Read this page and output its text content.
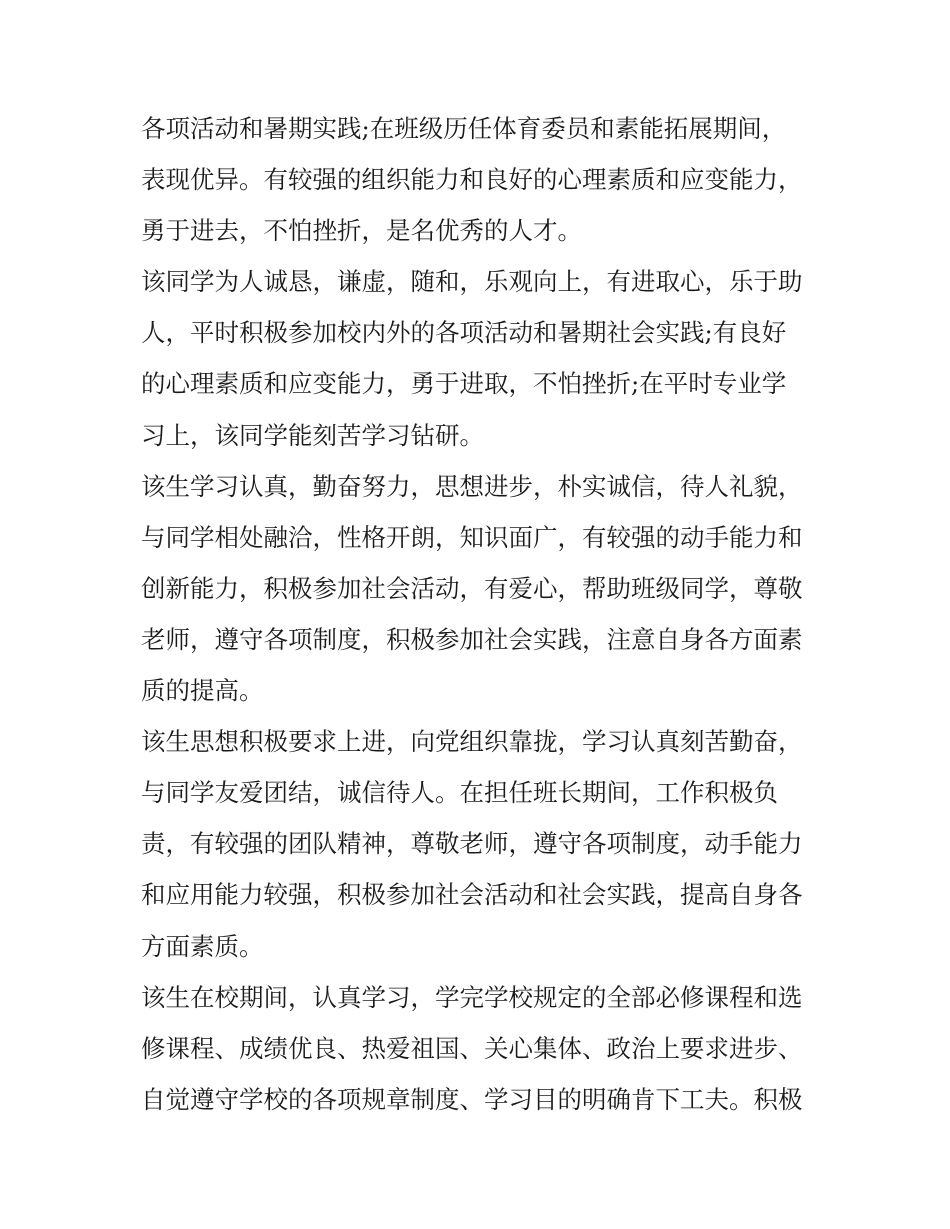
各项活动和暑期实践;在班级历任体育委员和素能拓展期间，
表现优异。有较强的组织能力和良好的心理素质和应变能力，
勇于进去，不怕挫折，是名优秀的人才。
该同学为人诚恳，谦虚，随和，乐观向上，有进取心，乐于助
人，平时积极参加校内外的各项活动和暑期社会实践;有良好
的心理素质和应变能力，勇于进取，不怕挫折;在平时专业学
习上，该同学能刻苦学习钻研。
该生学习认真，勤奋努力，思想进步，朴实诚信，待人礼貌，
与同学相处融洽，性格开朗，知识面广，有较强的动手能力和
创新能力，积极参加社会活动，有爱心，帮助班级同学，尊敬
老师，遵守各项制度，积极参加社会实践，注意自身各方面素
质的提高。
该生思想积极要求上进，向党组织靠拢，学习认真刻苦勤奋，
与同学友爱团结，诚信待人。在担任班长期间，工作积极负
责，有较强的团队精神，尊敬老师，遵守各项制度，动手能力
和应用能力较强，积极参加社会活动和社会实践，提高自身各
方面素质。
该生在校期间，认真学习，学完学校规定的全部必修课程和选
修课程、成绩优良、热爱祖国、关心集体、政治上要求进步、
自觉遵守学校的各项规章制度、学习目的明确肯下工夫。积极
